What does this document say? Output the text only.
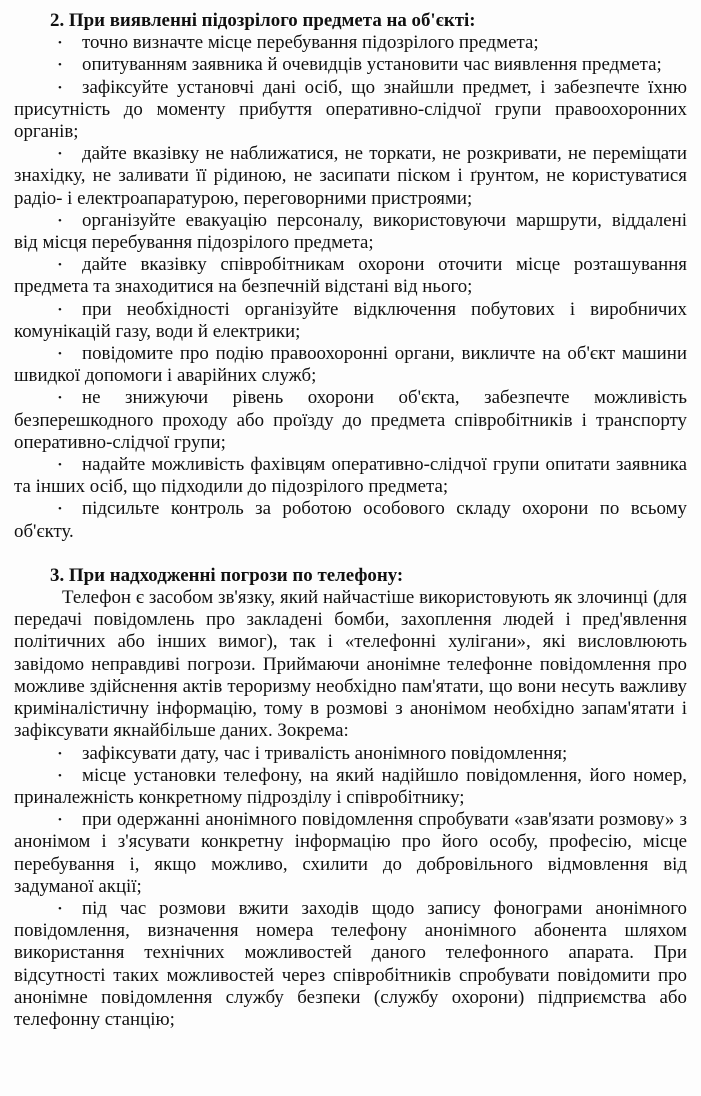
2. При виявленні підозрілого предмета на об'єкті:

• точно визначте місце перебування підозрілого предмета;

• опитуванням заявника й очевидців установити час виявлення предмета;

• зафіксуйте установчі дані осіб, що знайшли предмет, і забезпечте їхню присутність до моменту прибуття оперативно-слідчої групи правоохоронних органів;

• дайте вказівку не наближатися, не торкати, не розкривати, не переміщати знахідку, не заливати її рідиною, не засипати піском і ґрунтом, не користуватися радіо- і електроапаратурою, переговорними пристроями;

• організуйте евакуацію персоналу, використовуючи маршрути, віддалені від місця перебування підозрілого предмета;

• дайте вказівку співробітникам охорони оточити місце розташування предмета та знаходитися на безпечній відстані від нього;

• при необхідності організуйте відключення побутових і виробничих комунікацій газу, води й електрики;

• повідомите про подію правоохоронні органи, викличте на об'єкт машини швидкої допомоги і аварійних служб;

• не знижуючи рівень охорони об'єкта, забезпечте можливість безперешкодного проходу або проїзду до предмета співробітників і транспорту оперативно-слідчої групи;

• надайте можливість фахівцям оперативно-слідчої групи опитати заявника та інших осіб, що підходили до підозрілого предмета;

• підсильте контроль за роботою особового складу охорони по всьому об'єкту.

3. При надходженні погрози по телефону:

Телефон є засобом зв'язку, який найчастіше використовують як злочинці (для передачі повідомлень про закладені бомби, захоплення людей і пред'явлення політичних або інших вимог), так і «телефонні хулігани», які висловлюють завідомо неправдиві погрози. Приймаючи анонімне телефонне повідомлення про можливе здійснення актів тероризму необхідно пам'ятати, що вони несуть важливу криміналістичну інформацію, тому в розмові з анонімом необхідно запам'ятати і зафіксувати якнайбільше даних. Зокрема:

• зафіксувати дату, час і тривалість анонімного повідомлення;

• місце установки телефону, на який надійшло повідомлення, його номер, приналежність конкретному підрозділу і співробітнику;

• при одержанні анонімного повідомлення спробувати «зав'язати розмову» з анонімом і з'ясувати конкретну інформацію про його особу, професію, місце перебування і, якщо можливо, схилити до добровільного відмовлення від задуманої акції;

• під час розмови вжити заходів щодо запису фонограми анонімного повідомлення, визначення номера телефону анонімного абонента шляхом використання технічних можливостей даного телефонного апарата. При відсутності таких можливостей через співробітників спробувати повідомити про анонімне повідомлення службу безпеки (службу охорони) підприємства або телефонну станцію;
